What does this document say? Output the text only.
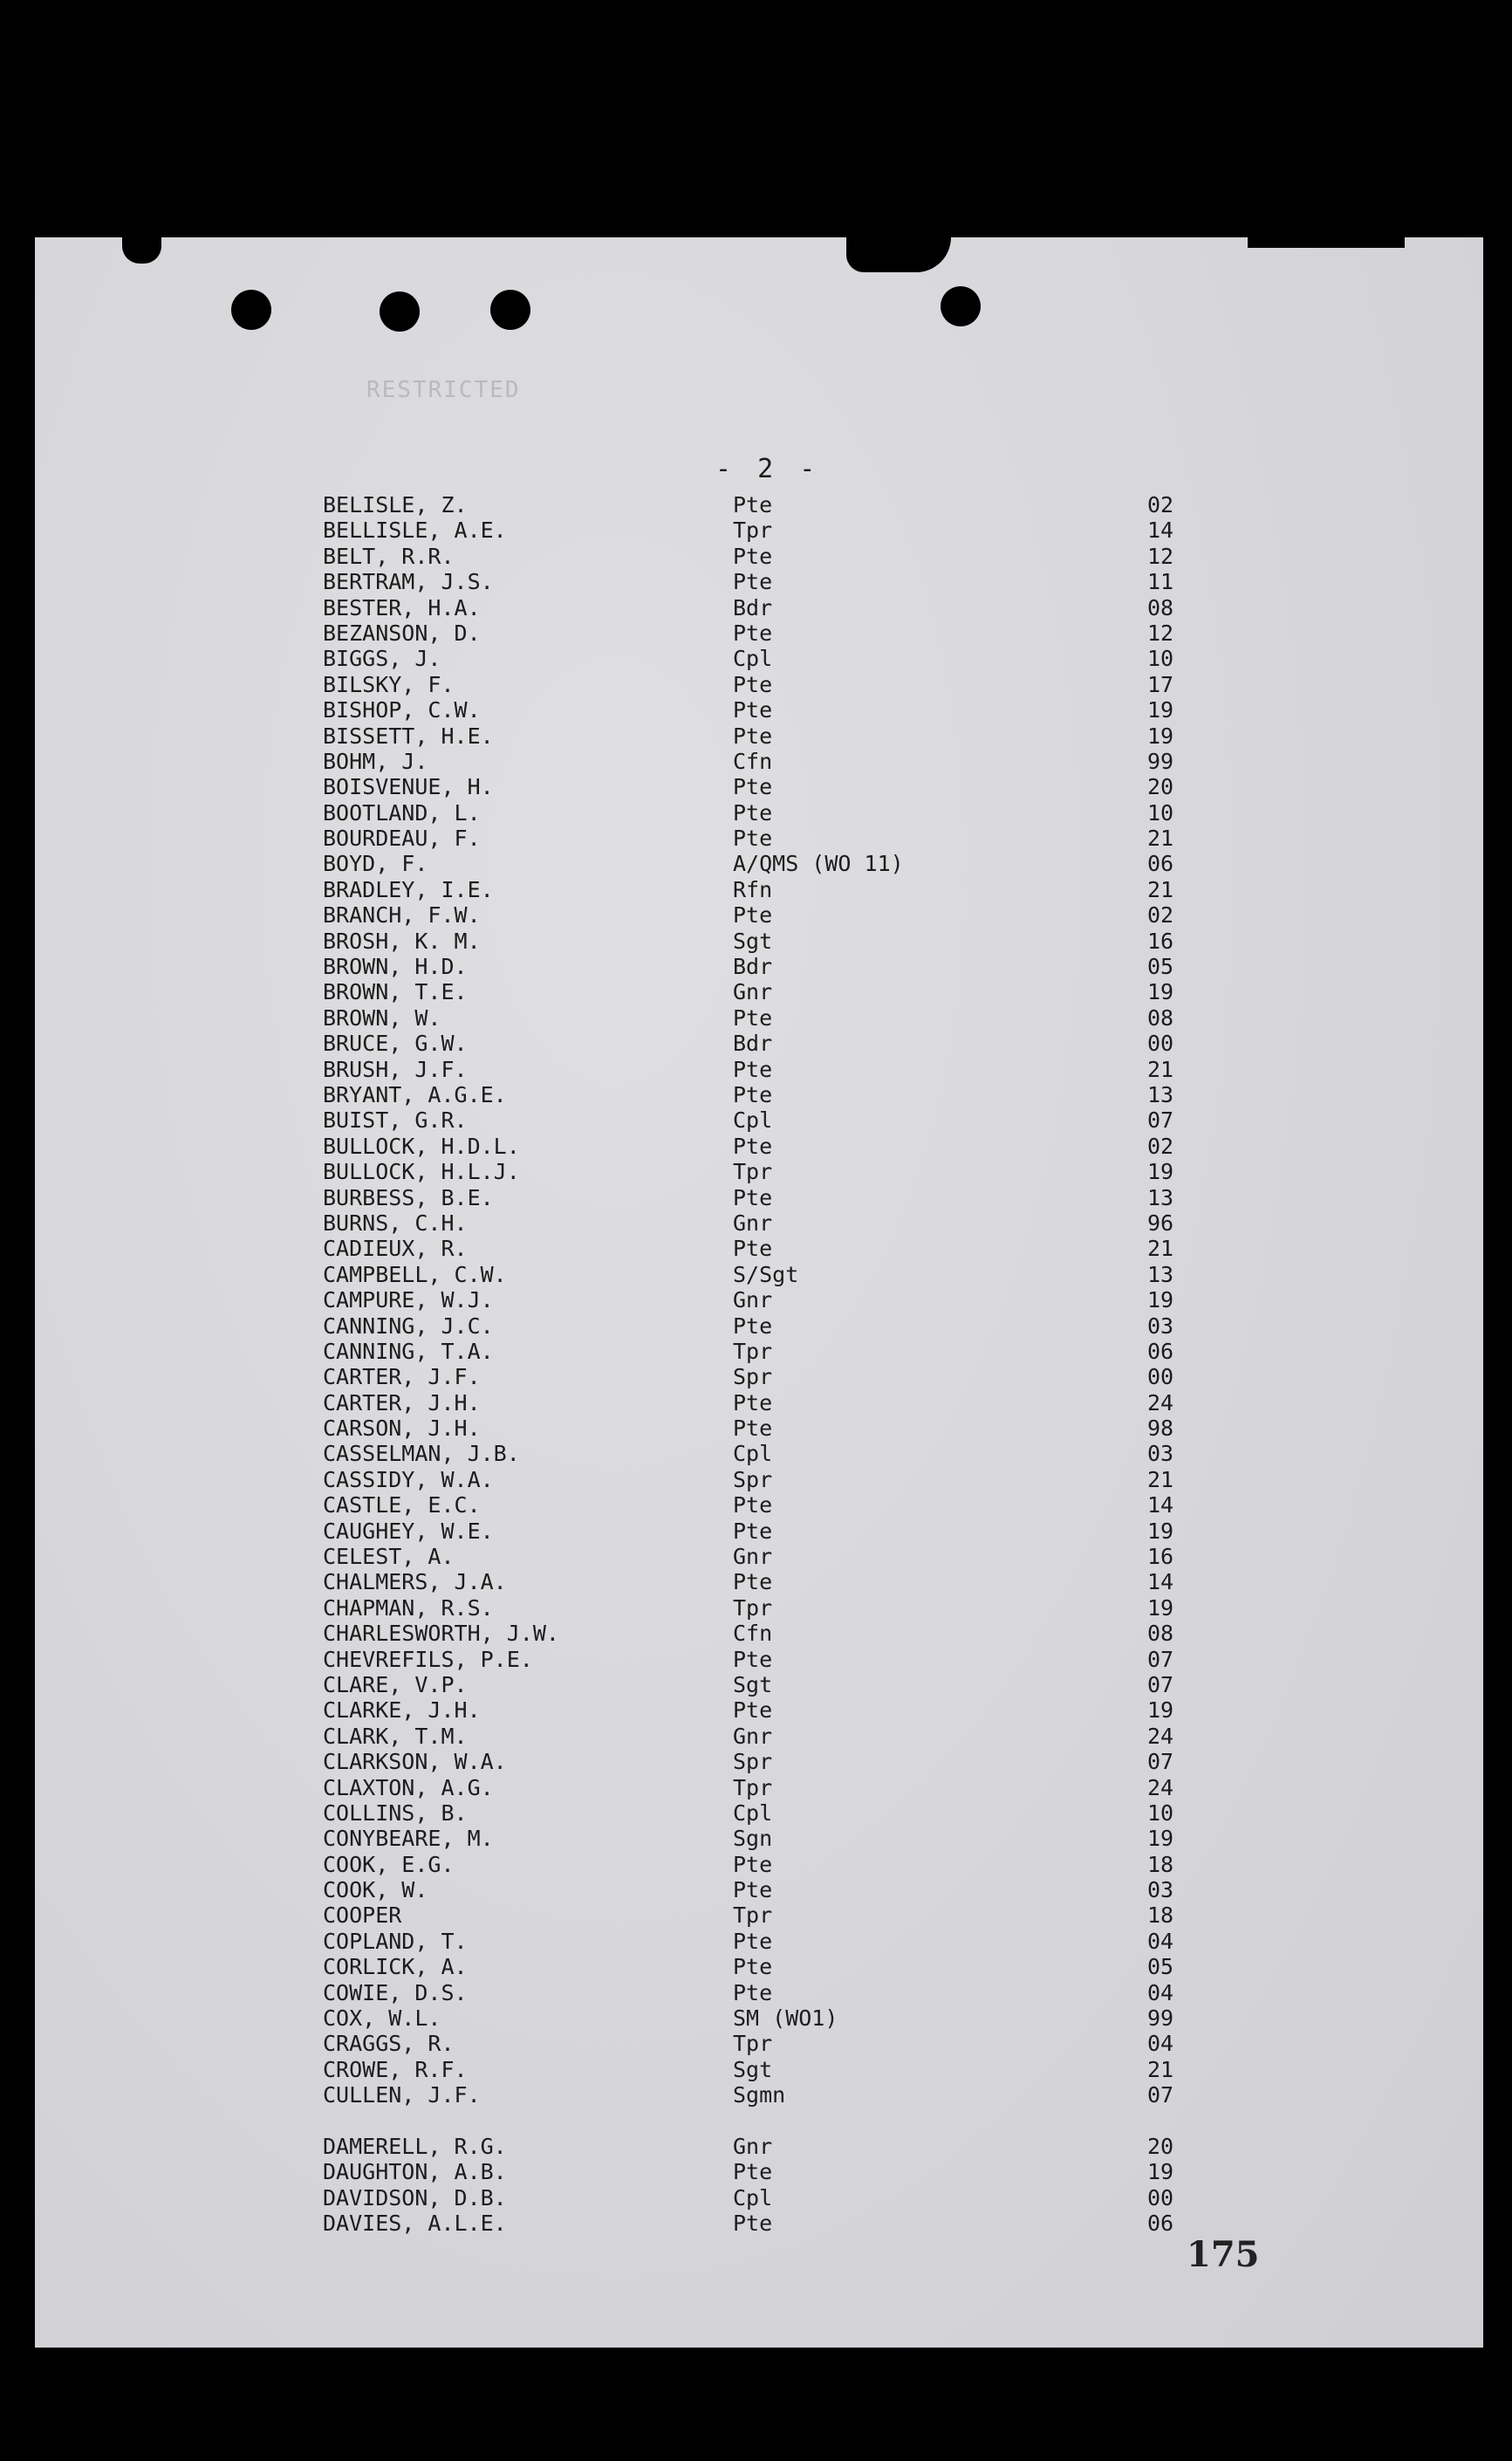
RESTRICTED
- 2 -
BELISLE, Z.	Pte	02
BELLISLE, A.E.	Tpr	14
BELT, R.R.	Pte	12
BERTRAM, J.S.	Pte	11
BESTER, H.A.	Bdr	08
BEZANSON, D.	Pte	12
BIGGS, J.	Cpl	10
BILSKY, F.	Pte	17
BISHOP, C.W.	Pte	19
BISSETT, H.E.	Pte	19
BOHM, J.	Cfn	99
BOISVENUE, H.	Pte	20
BOOTLAND, L.	Pte	10
BOURDEAU, F.	Pte	21
BOYD, F.	A/QMS (WO 11)	06
BRADLEY, I.E.	Rfn	21
BRANCH, F.W.	Pte	02
BROSH, K. M.	Sgt	16
BROWN, H.D.	Bdr	05
BROWN, T.E.	Gnr	19
BROWN, W.	Pte	08
BRUCE, G.W.	Bdr	00
BRUSH, J.F.	Pte	21
BRYANT, A.G.E.	Pte	13
BUIST, G.R.	Cpl	07
BULLOCK, H.D.L.	Pte	02
BULLOCK, H.L.J.	Tpr	19
BURBESS, B.E.	Pte	13
BURNS, C.H.	Gnr	96
CADIEUX, R.	Pte	21
CAMPBELL, C.W.	S/Sgt	13
CAMPURE, W.J.	Gnr	19
CANNING, J.C.	Pte	03
CANNING, T.A.	Tpr	06
CARTER, J.F.	Spr	00
CARTER, J.H.	Pte	24
CARSON, J.H.	Pte	98
CASSELMAN, J.B.	Cpl	03
CASSIDY, W.A.	Spr	21
CASTLE, E.C.	Pte	14
CAUGHEY, W.E.	Pte	19
CELEST, A.	Gnr	16
CHALMERS, J.A.	Pte	14
CHAPMAN, R.S.	Tpr	19
CHARLESWORTH, J.W.	Cfn	08
CHEVREFILS, P.E.	Pte	07
CLARE, V.P.	Sgt	07
CLARKE, J.H.	Pte	19
CLARK, T.M.	Gnr	24
CLARKSON, W.A.	Spr	07
CLAXTON, A.G.	Tpr	24
COLLINS, B.	Cpl	10
CONYBEARE, M.	Sgn	19
COOK, E.G.	Pte	18
COOK, W.	Pte	03
COOPER	Tpr	18
COPLAND, T.	Pte	04
CORLICK, A.	Pte	05
COWIE, D.S.	Pte	04
COX, W.L.	SM (WO1)	99
CRAGGS, R.	Tpr	04
CROWE, R.F.	Sgt	21
CULLEN, J.F.	Sgmn	07
DAMERELL, R.G.	Gnr	20
DAUGHTON, A.B.	Pte	19
DAVIDSON, D.B.	Cpl	00
DAVIES, A.L.E.	Pte	06
175
